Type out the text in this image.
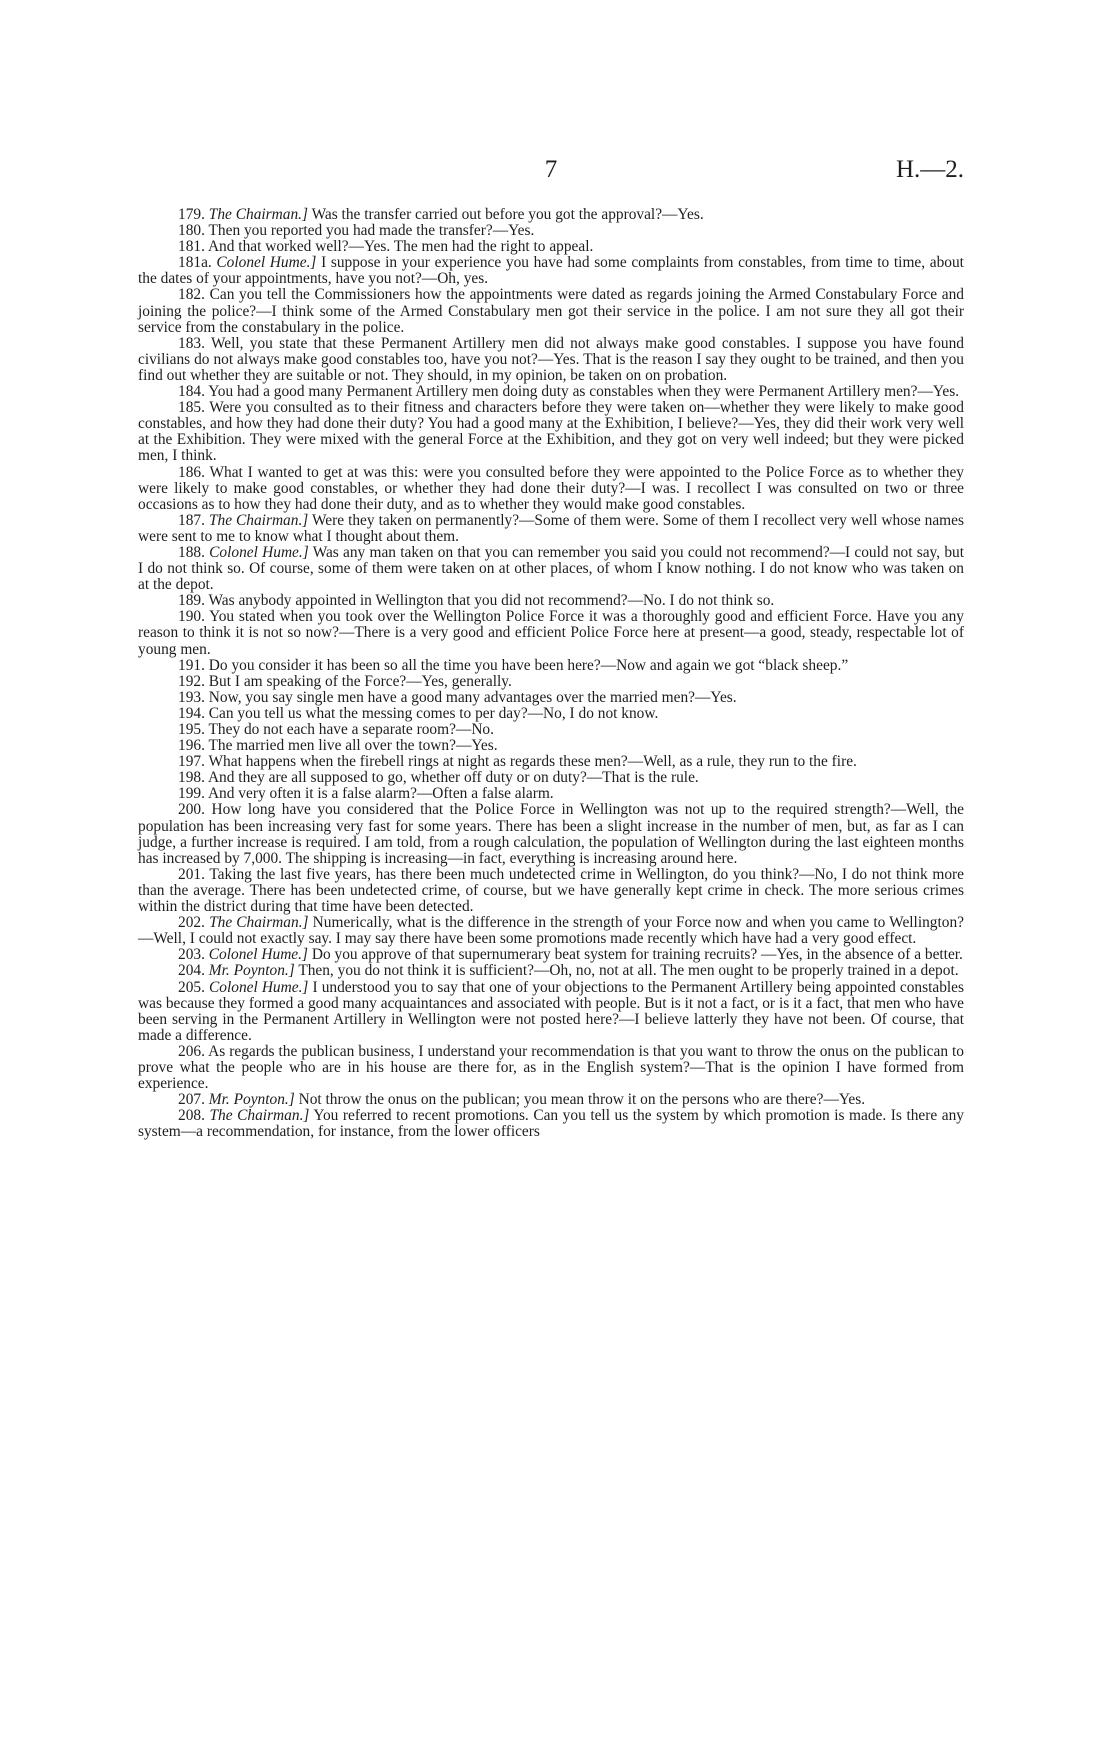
7	H.—2.

179. The Chairman.] Was the transfer carried out before you got the approval?—Yes.

180. Then you reported you had made the transfer?—Yes.

181. And that worked well?—Yes. The men had the right to appeal.

181a. Colonel Hume.] I suppose in your experience you have had some complaints from constables, from time to time, about the dates of your appointments, have you not?—Oh, yes.

182. Can you tell the Commissioners how the appointments were dated as regards joining the Armed Constabulary Force and joining the police?—I think some of the Armed Constabulary men got their service in the police. I am not sure they all got their service from the constabulary in the police.

183. Well, you state that these Permanent Artillery men did not always make good constables. I suppose you have found civilians do not always make good constables too, have you not?—Yes. That is the reason I say they ought to be trained, and then you find out whether they are suitable or not. They should, in my opinion, be taken on on probation.

184. You had a good many Permanent Artillery men doing duty as constables when they were Permanent Artillery men?—Yes.

185. Were you consulted as to their fitness and characters before they were taken on—whether they were likely to make good constables, and how they had done their duty? You had a good many at the Exhibition, I believe?—Yes, they did their work very well at the Exhibition. They were mixed with the general Force at the Exhibition, and they got on very well indeed; but they were picked men, I think.

186. What I wanted to get at was this: were you consulted before they were appointed to the Police Force as to whether they were likely to make good constables, or whether they had done their duty?—I was. I recollect I was consulted on two or three occasions as to how they had done their duty, and as to whether they would make good constables.

187. The Chairman.] Were they taken on permanently?—Some of them were. Some of them I recollect very well whose names were sent to me to know what I thought about them.

188. Colonel Hume.] Was any man taken on that you can remember you said you could not recommend?—I could not say, but I do not think so. Of course, some of them were taken on at other places, of whom I know nothing. I do not know who was taken on at the depot.

189. Was anybody appointed in Wellington that you did not recommend?—No. I do not think so.

190. You stated when you took over the Wellington Police Force it was a thoroughly good and efficient Force. Have you any reason to think it is not so now?—There is a very good and efficient Police Force here at present—a good, steady, respectable lot of young men.

191. Do you consider it has been so all the time you have been here?—Now and again we got “black sheep.”

192. But I am speaking of the Force?—Yes, generally.

193. Now, you say single men have a good many advantages over the married men?—Yes.

194. Can you tell us what the messing comes to per day?—No, I do not know.

195. They do not each have a separate room?—No.

196. The married men live all over the town?—Yes.

197. What happens when the firebell rings at night as regards these men?—Well, as a rule, they run to the fire.

198. And they are all supposed to go, whether off duty or on duty?—That is the rule.

199. And very often it is a false alarm?—Often a false alarm.

200. How long have you considered that the Police Force in Wellington was not up to the required strength?—Well, the population has been increasing very fast for some years. There has been a slight increase in the number of men, but, as far as I can judge, a further increase is required. I am told, from a rough calculation, the population of Wellington during the last eighteen months has increased by 7,000. The shipping is increasing—in fact, everything is increasing around here.

201. Taking the last five years, has there been much undetected crime in Wellington, do you think?—No, I do not think more than the average. There has been undetected crime, of course, but we have generally kept crime in check. The more serious crimes within the district during that time have been detected.

202. The Chairman.] Numerically, what is the difference in the strength of your Force now and when you came to Wellington?—Well, I could not exactly say. I may say there have been some promotions made recently which have had a very good effect.

203. Colonel Hume.] Do you approve of that supernumerary beat system for training recruits? —Yes, in the absence of a better.

204. Mr. Poynton.] Then, you do not think it is sufficient?—Oh, no, not at all. The men ought to be properly trained in a depot.

205. Colonel Hume.] I understood you to say that one of your objections to the Permanent Artillery being appointed constables was because they formed a good many acquaintances and associated with people. But is it not a fact, or is it a fact, that men who have been serving in the Permanent Artillery in Wellington were not posted here?—I believe latterly they have not been. Of course, that made a difference.

206. As regards the publican business, I understand your recommendation is that you want to throw the onus on the publican to prove what the people who are in his house are there for, as in the English system?—That is the opinion I have formed from experience.

207. Mr. Poynton.] Not throw the onus on the publican; you mean throw it on the persons who are there?—Yes.

208. The Chairman.] You referred to recent promotions. Can you tell us the system by which promotion is made. Is there any system—a recommendation, for instance, from the lower officers
